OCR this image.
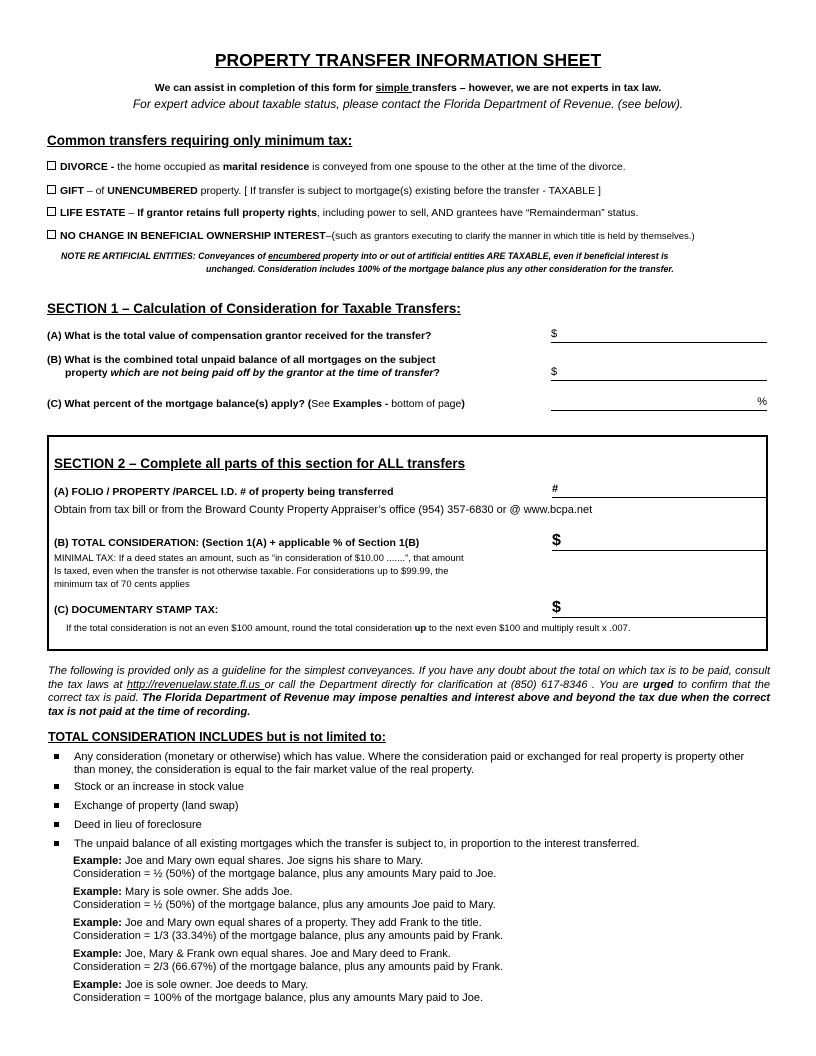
PROPERTY TRANSFER INFORMATION SHEET
We can assist in completion of this form for simple transfers – however, we are not experts in tax law.
For expert advice about taxable status, please contact the Florida Department of Revenue. (see below).
Common transfers requiring only minimum tax:
DIVORCE - the home occupied as marital residence is conveyed from one spouse to the other at the time of the divorce.
GIFT – of UNENCUMBERED property. [ If transfer is subject to mortgage(s) existing before the transfer - TAXABLE ]
LIFE ESTATE – If grantor retains full property rights, including power to sell, AND grantees have “Remainderman” status.
NO CHANGE IN BENEFICIAL OWNERSHIP INTEREST–(such as grantors executing to clarify the manner in which title is held by themselves.)
NOTE RE ARTIFICIAL ENTITIES: Conveyances of encumbered property into or out of artificial entities ARE TAXABLE, even if beneficial interest is
unchanged. Consideration includes 100% of the mortgage balance plus any other consideration for the transfer.
SECTION 1 – Calculation of Consideration for Taxable Transfers:
(A) What is the total value of compensation grantor received for the transfer?	$
(B) What is the combined total unpaid balance of all mortgages on the subject
property which are not being paid off by the grantor at the time of transfer?	$
(C) What percent of the mortgage balance(s) apply? (See Examples - bottom of page)	%
SECTION 2 – Complete all parts of this section for ALL transfers
(A) FOLIO / PROPERTY /PARCEL I.D. # of property being transferred	#
Obtain from tax bill or from the Broward County Property Appraiser’s office (954) 357-6830 or @ www.bcpa.net
(B) TOTAL CONSIDERATION: (Section 1(A) + applicable % of Section 1(B)	$
MINIMAL TAX: If a deed states an amount, such as “in consideration of $10.00 .......”, that amount
Is taxed, even when the transfer is not otherwise taxable. For considerations up to $99.99, the
minimum tax of 70 cents applies
(C) DOCUMENTARY STAMP TAX:	$
If the total consideration is not an even $100 amount, round the total consideration up to the next even $100 and multiply result x .007.
The following is provided only as a guideline for the simplest conveyances. If you have any doubt about the total on which tax is to be paid, consult the tax laws at http://revenuelaw.state.fl.us or call the Department directly for clarification at (850) 617-8346 . You are urged to confirm that the correct tax is paid. The Florida Department of Revenue may impose penalties and interest above and beyond the tax due when the correct tax is not paid at the time of recording.
TOTAL CONSIDERATION INCLUDES but is not limited to:
Any consideration (monetary or otherwise) which has value. Where the consideration paid or exchanged for real property is property other than money, the consideration is equal to the fair market value of the real property.
Stock or an increase in stock value
Exchange of property (land swap)
Deed in lieu of foreclosure
The unpaid balance of all existing mortgages which the transfer is subject to, in proportion to the interest transferred.
Example: Joe and Mary own equal shares. Joe signs his share to Mary.
Consideration = ½ (50%) of the mortgage balance, plus any amounts Mary paid to Joe.
Example: Mary is sole owner. She adds Joe.
Consideration = ½ (50%) of the mortgage balance, plus any amounts Joe paid to Mary.
Example: Joe and Mary own equal shares of a property. They add Frank to the title.
Consideration = 1/3 (33.34%) of the mortgage balance, plus any amounts paid by Frank.
Example: Joe, Mary & Frank own equal shares. Joe and Mary deed to Frank.
Consideration = 2/3 (66.67%) of the mortgage balance, plus any amounts paid by Frank.
Example: Joe is sole owner. Joe deeds to Mary.
Consideration = 100% of the mortgage balance, plus any amounts Mary paid to Joe.
